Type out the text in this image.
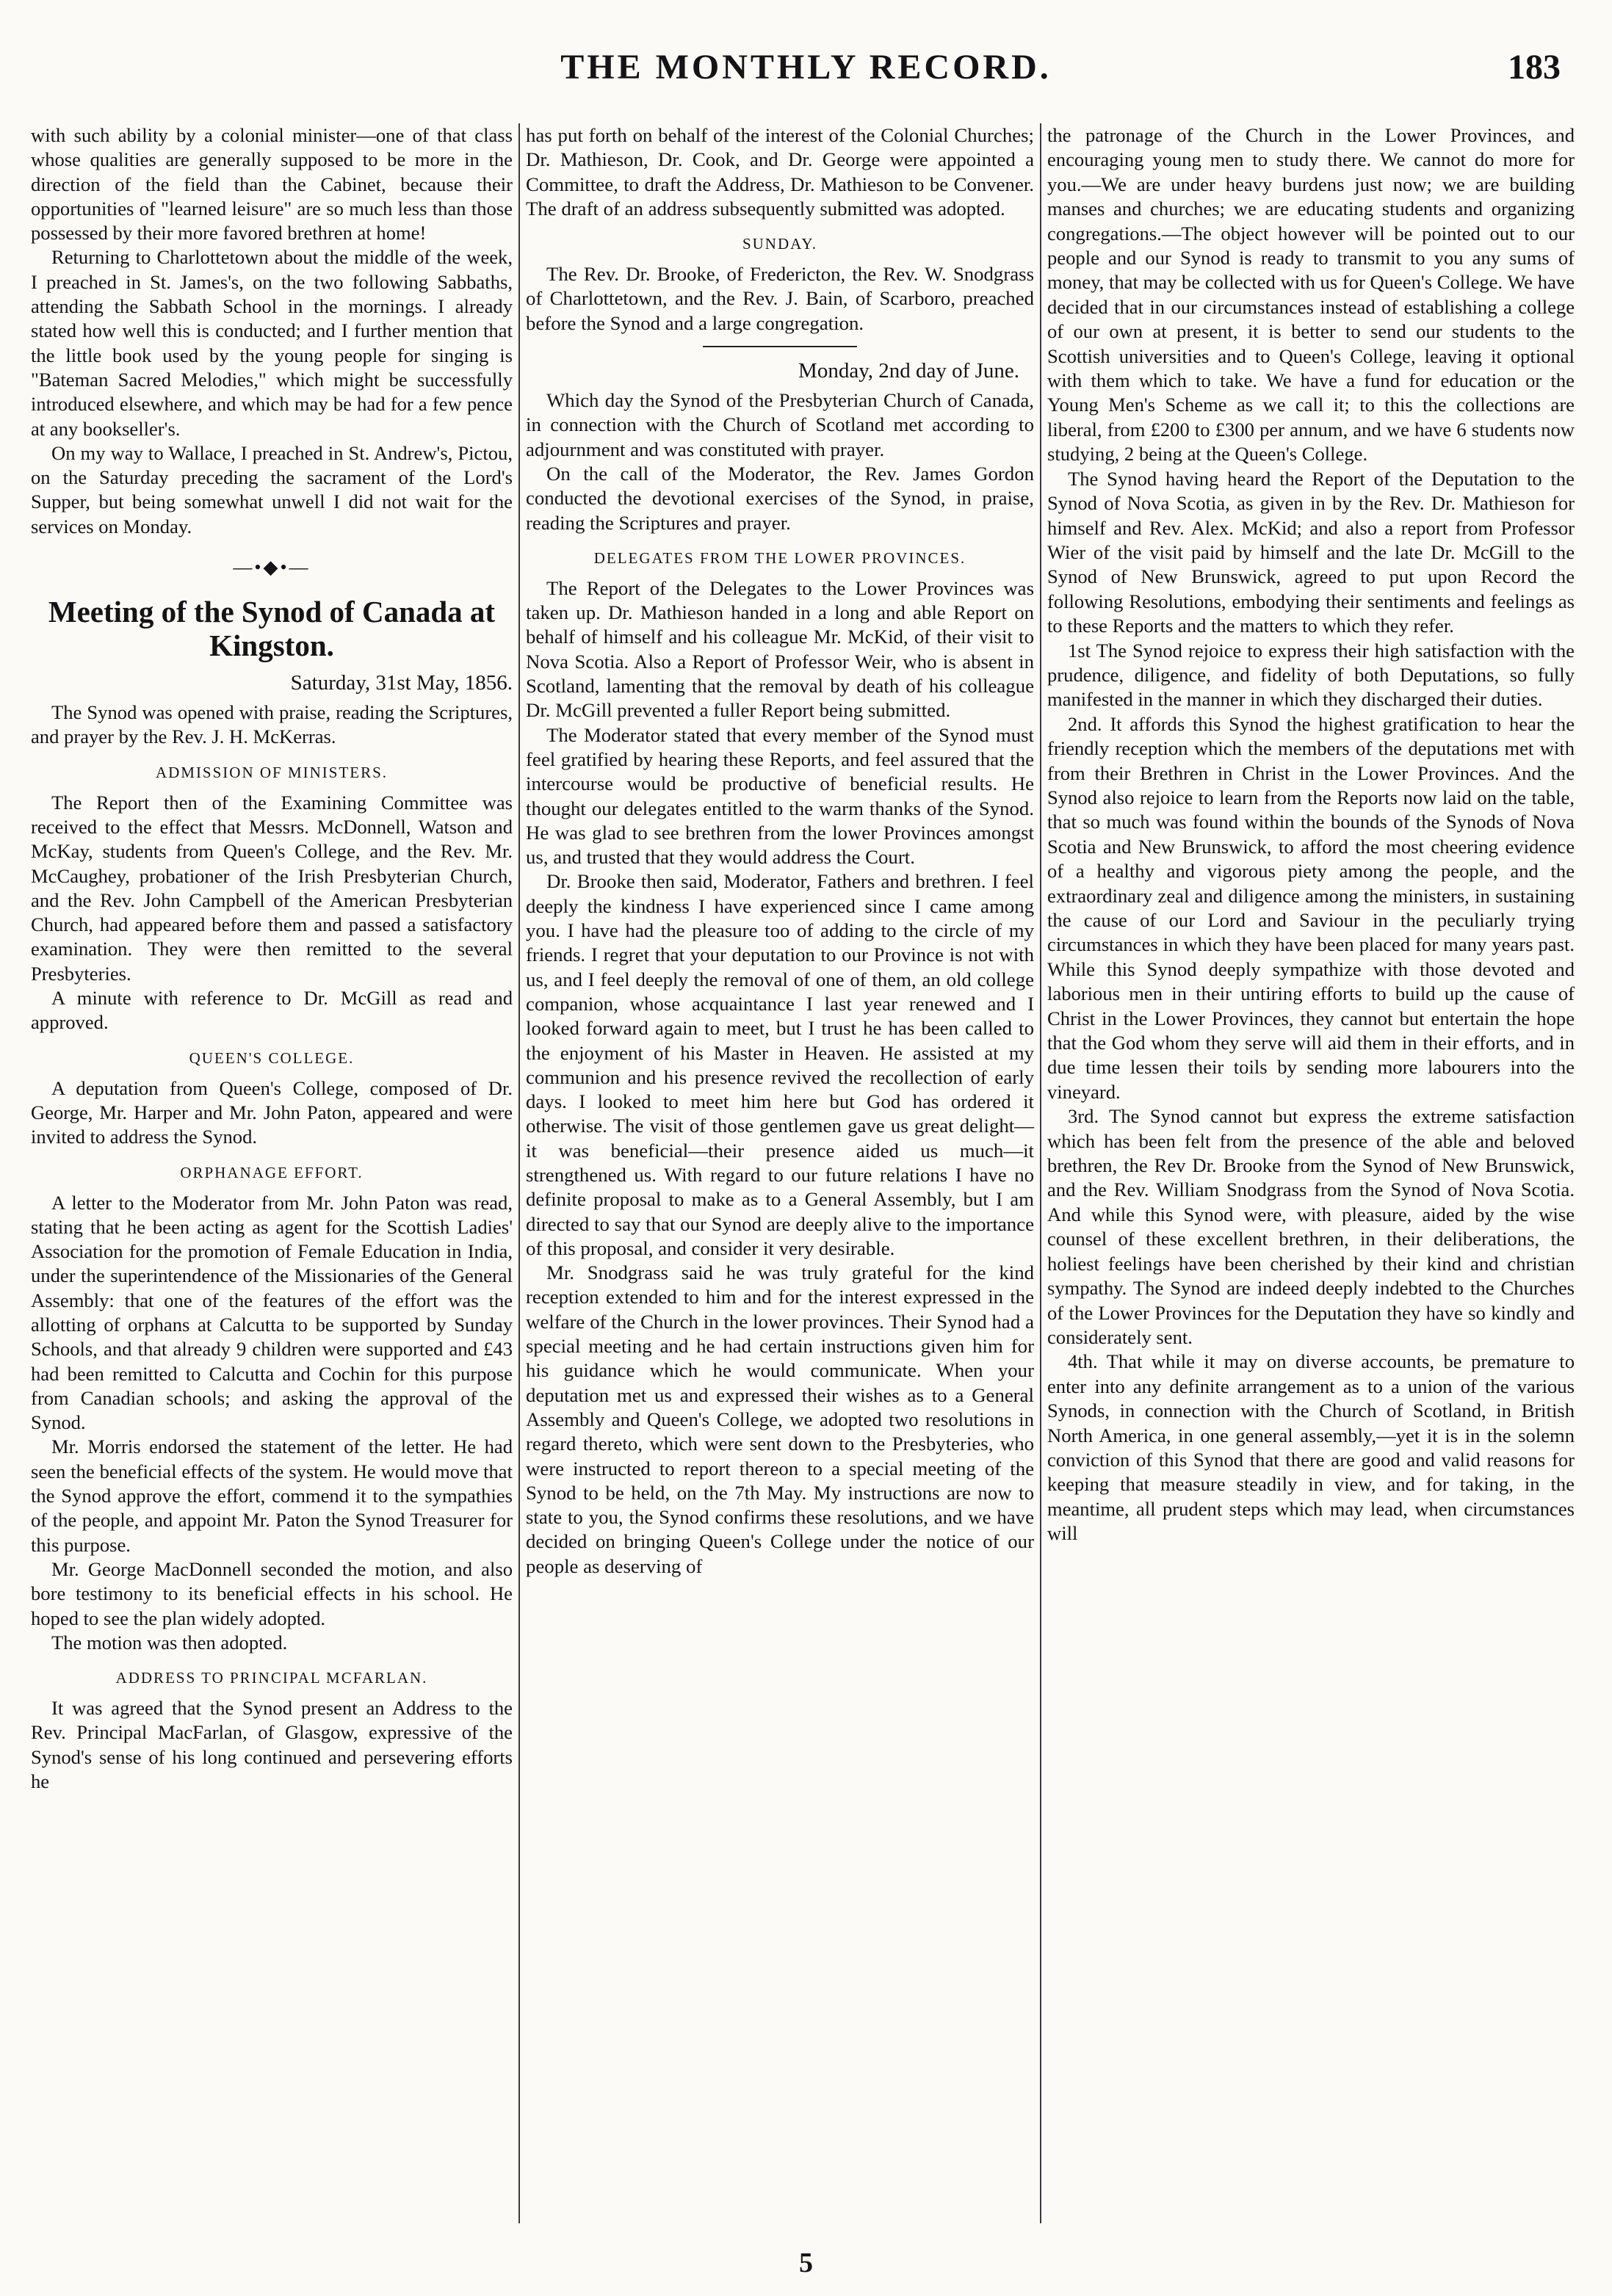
THE MONTHLY RECORD.	183

with such ability by a colonial minister—one of that class whose qualities are generally supposed to be more in the direction of the field than the Cabinet, because their opportunities of "learned leisure" are so much less than those possessed by their more favored brethren at home!

Returning to Charlottetown about the middle of the week, I preached in St. James's, on the two following Sabbaths, attending the Sabbath School in the mornings. I already stated how well this is conducted; and I further mention that the little book used by the young people for singing is "Bateman Sacred Melodies," which might be successfully introduced elsewhere, and which may be had for a few pence at any bookseller's.

On my way to Wallace, I preached in St. Andrew's, Pictou, on the Saturday preceding the sacrament of the Lord's Supper, but being somewhat unwell I did not wait for the services on Monday.

—•◆•—
Meeting of the Synod of Canada at Kingston.
Saturday, 31st May, 1856.

The Synod was opened with praise, reading the Scriptures, and prayer by the Rev. J. H. McKerras.

ADMISSION OF MINISTERS.

The Report then of the Examining Committee was received to the effect that Messrs. McDonnell, Watson and McKay, students from Queen's College, and the Rev. Mr. McCaughey, probationer of the Irish Presbyterian Church, and the Rev. John Campbell of the American Presbyterian Church, had appeared before them and passed a satisfactory examination. They were then remitted to the several Presbyteries.

A minute with reference to Dr. McGill as read and approved.

QUEEN'S COLLEGE.

A deputation from Queen's College, composed of Dr. George, Mr. Harper and Mr. John Paton, appeared and were invited to address the Synod.

ORPHANAGE EFFORT.

A letter to the Moderator from Mr. John Paton was read, stating that he been acting as agent for the Scottish Ladies' Association for the promotion of Female Education in India, under the superintendence of the Missionaries of the General Assembly: that one of the features of the effort was the allotting of orphans at Calcutta to be supported by Sunday Schools, and that already 9 children were supported and £43 had been remitted to Calcutta and Cochin for this purpose from Canadian schools; and asking the approval of the Synod.

Mr. Morris endorsed the statement of the letter. He had seen the beneficial effects of the system. He would move that the Synod approve the effort, commend it to the sympathies of the people, and appoint Mr. Paton the Synod Treasurer for this purpose.

Mr. George MacDonnell seconded the motion, and also bore testimony to its beneficial effects in his school. He hoped to see the plan widely adopted.

The motion was then adopted.

ADDRESS TO PRINCIPAL MCFARLAN.

It was agreed that the Synod present an Address to the Rev. Principal MacFarlan, of Glasgow, expressive of the Synod's sense of his long continued and persevering efforts he

has put forth on behalf of the interest of the Colonial Churches; Dr. Mathieson, Dr. Cook, and Dr. George were appointed a Committee, to draft the Address, Dr. Mathieson to be Convener. The draft of an address subsequently submitted was adopted.

SUNDAY.

The Rev. Dr. Brooke, of Fredericton, the Rev. W. Snodgrass of Charlottetown, and the Rev. J. Bain, of Scarboro, preached before the Synod and a large congregation.

Monday, 2nd day of June.

Which day the Synod of the Presbyterian Church of Canada, in connection with the Church of Scotland met according to adjournment and was constituted with prayer.

On the call of the Moderator, the Rev. James Gordon conducted the devotional exercises of the Synod, in praise, reading the Scriptures and prayer.

DELEGATES FROM THE LOWER PROVINCES.

The Report of the Delegates to the Lower Provinces was taken up. Dr. Mathieson handed in a long and able Report on behalf of himself and his colleague Mr. McKid, of their visit to Nova Scotia. Also a Report of Professor Weir, who is absent in Scotland, lamenting that the removal by death of his colleague Dr. McGill prevented a fuller Report being submitted.

The Moderator stated that every member of the Synod must feel gratified by hearing these Reports, and feel assured that the intercourse would be productive of beneficial results. He thought our delegates entitled to the warm thanks of the Synod. He was glad to see brethren from the lower Provinces amongst us, and trusted that they would address the Court.

Dr. Brooke then said, Moderator, Fathers and brethren. I feel deeply the kindness I have experienced since I came among you. I have had the pleasure too of adding to the circle of my friends. I regret that your deputation to our Province is not with us, and I feel deeply the removal of one of them, an old college companion, whose acquaintance I last year renewed and I looked forward again to meet, but I trust he has been called to the enjoyment of his Master in Heaven. He assisted at my communion and his presence revived the recollection of early days. I looked to meet him here but God has ordered it otherwise. The visit of those gentlemen gave us great delight—it was beneficial—their presence aided us much—it strengthened us. With regard to our future relations I have no definite proposal to make as to a General Assembly, but I am directed to say that our Synod are deeply alive to the importance of this proposal, and consider it very desirable.

Mr. Snodgrass said he was truly grateful for the kind reception extended to him and for the interest expressed in the welfare of the Church in the lower provinces. Their Synod had a special meeting and he had certain instructions given him for his guidance which he would communicate. When your deputation met us and expressed their wishes as to a General Assembly and Queen's College, we adopted two resolutions in regard thereto, which were sent down to the Presbyteries, who were instructed to report thereon to a special meeting of the Synod to be held, on the 7th May. My instructions are now to state to you, the Synod confirms these resolutions, and we have decided on bringing Queen's College under the notice of our people as deserving of

the patronage of the Church in the Lower Provinces, and encouraging young men to study there. We cannot do more for you.—We are under heavy burdens just now; we are building manses and churches; we are educating students and organizing congregations.—The object however will be pointed out to our people and our Synod is ready to transmit to you any sums of money, that may be collected with us for Queen's College. We have decided that in our circumstances instead of establishing a college of our own at present, it is better to send our students to the Scottish universities and to Queen's College, leaving it optional with them which to take. We have a fund for education or the Young Men's Scheme as we call it; to this the collections are liberal, from £200 to £300 per annum, and we have 6 students now studying, 2 being at the Queen's College.

The Synod having heard the Report of the Deputation to the Synod of Nova Scotia, as given in by the Rev. Dr. Mathieson for himself and Rev. Alex. McKid; and also a report from Professor Wier of the visit paid by himself and the late Dr. McGill to the Synod of New Brunswick, agreed to put upon Record the following Resolutions, embodying their sentiments and feelings as to these Reports and the matters to which they refer.

1st The Synod rejoice to express their high satisfaction with the prudence, diligence, and fidelity of both Deputations, so fully manifested in the manner in which they discharged their duties.

2nd. It affords this Synod the highest gratification to hear the friendly reception which the members of the deputations met with from their Brethren in Christ in the Lower Provinces. And the Synod also rejoice to learn from the Reports now laid on the table, that so much was found within the bounds of the Synods of Nova Scotia and New Brunswick, to afford the most cheering evidence of a healthy and vigorous piety among the people, and the extraordinary zeal and diligence among the ministers, in sustaining the cause of our Lord and Saviour in the peculiarly trying circumstances in which they have been placed for many years past. While this Synod deeply sympathize with those devoted and laborious men in their untiring efforts to build up the cause of Christ in the Lower Provinces, they cannot but entertain the hope that the God whom they serve will aid them in their efforts, and in due time lessen their toils by sending more labourers into the vineyard.

3rd. The Synod cannot but express the extreme satisfaction which has been felt from the presence of the able and beloved brethren, the Rev Dr. Brooke from the Synod of New Brunswick, and the Rev. William Snodgrass from the Synod of Nova Scotia. And while this Synod were, with pleasure, aided by the wise counsel of these excellent brethren, in their deliberations, the holiest feelings have been cherished by their kind and christian sympathy. The Synod are indeed deeply indebted to the Churches of the Lower Provinces for the Deputation they have so kindly and considerately sent.

4th. That while it may on diverse accounts, be premature to enter into any definite arrangement as to a union of the various Synods, in connection with the Church of Scotland, in British North America, in one general assembly,—yet it is in the solemn conviction of this Synod that there are good and valid reasons for keeping that measure steadily in view, and for taking, in the meantime, all prudent steps which may lead, when circumstances will

5
